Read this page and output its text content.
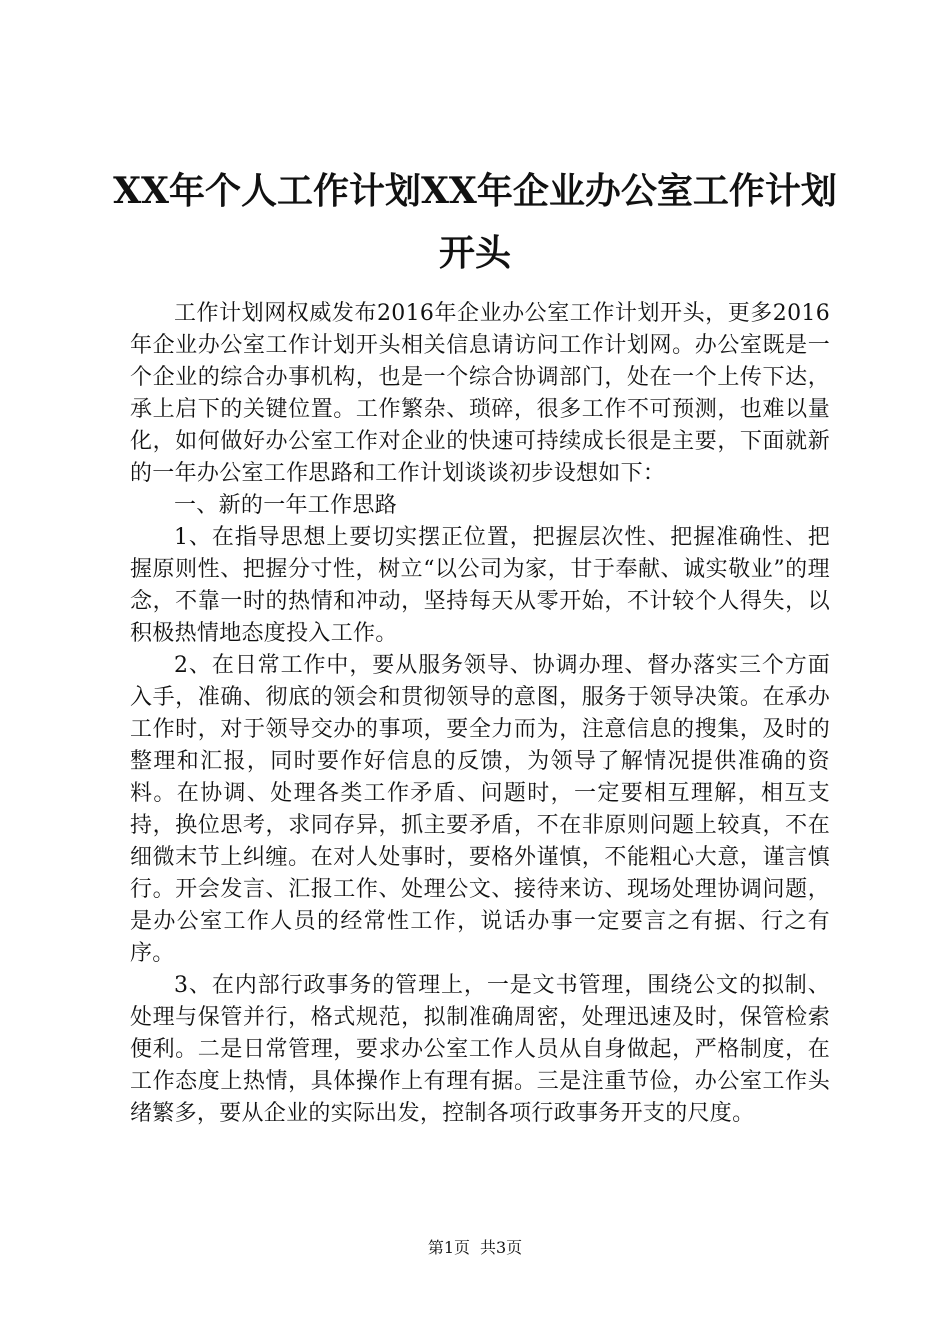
XX年个人工作计划XX年企业办公室工作计划开头

工作计划网权威发布2016年企业办公室工作计划开头，更多2016年企业办公室工作计划开头相关信息请访问工作计划网。办公室既是一个企业的综合办事机构，也是一个综合协调部门，处在一个上传下达，承上启下的关键位置。工作繁杂、琐碎，很多工作不可预测，也难以量化，如何做好办公室工作对企业的快速可持续成长很是主要，下面就新的一年办公室工作思路和工作计划谈谈初步设想如下：

一、新的一年工作思路

1、在指导思想上要切实摆正位置，把握层次性、把握准确性、把握原则性、把握分寸性，树立“以公司为家，甘于奉献、诚实敬业”的理念，不靠一时的热情和冲动，坚持每天从零开始，不计较个人得失，以积极热情地态度投入工作。

2、在日常工作中，要从服务领导、协调办理、督办落实三个方面入手，准确、彻底的领会和贯彻领导的意图，服务于领导决策。在承办工作时，对于领导交办的事项，要全力而为，注意信息的搜集，及时的整理和汇报，同时要作好信息的反馈，为领导了解情况提供准确的资料。在协调、处理各类工作矛盾、问题时，一定要相互理解，相互支持，换位思考，求同存异，抓主要矛盾，不在非原则问题上较真，不在细微末节上纠缠。在对人处事时，要格外谨慎，不能粗心大意，谨言慎行。开会发言、汇报工作、处理公文、接待来访、现场处理协调问题，是办公室工作人员的经常性工作，说话办事一定要言之有据、行之有序。

3、在内部行政事务的管理上，一是文书管理，围绕公文的拟制、处理与保管并行，格式规范，拟制准确周密，处理迅速及时，保管检索便利。二是日常管理，要求办公室工作人员从自身做起，严格制度，在工作态度上热情，具体操作上有理有据。三是注重节俭，办公室工作头绪繁多，要从企业的实际出发，控制各项行政事务开支的尺度。

第1页 共3页
